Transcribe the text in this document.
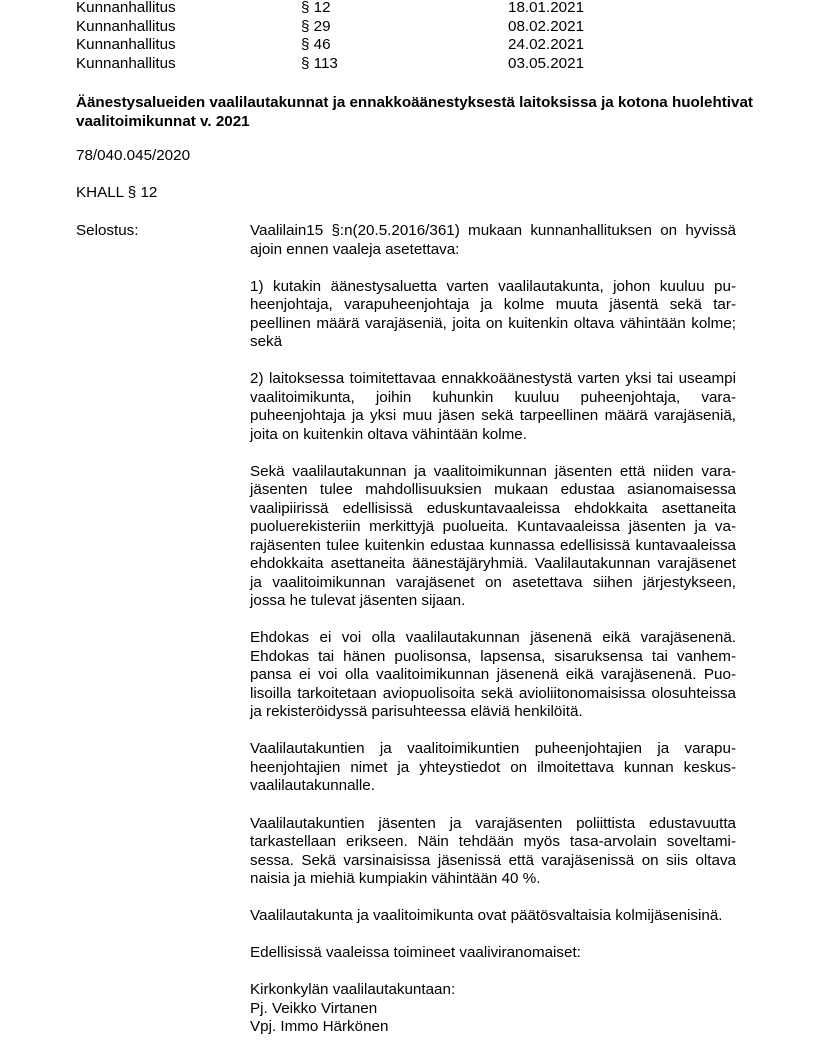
Kunnanhallitus	§ 12	18.01.2021
Kunnanhallitus	§ 29	08.02.2021
Kunnanhallitus	§ 46	24.02.2021
Kunnanhallitus	§ 113	03.05.2021
Äänestysalueiden vaalilautakunnat ja ennakkoäänestyksestä laitoksissa ja kotona huolehtivat vaalitoimikunnat v. 2021
78/040.045/2020
KHALL § 12
Selostus:	Vaalilain15 §:n(20.5.2016/361) mukaan kunnanhallituksen on hyvissä ajoin ennen vaaleja asetettava:

1) kutakin äänestysaluetta varten vaalilautakunta, johon kuuluu puheenjohtaja, varapuheenjohtaja ja kolme muuta jäsentä sekä tarpeellinen määrä varajäseniä, joita on kuitenkin oltava vähintään kolme; sekä

2) laitoksessa toimitettavaa ennakkoäänestystä varten yksi tai useampi vaalitoimikunta, joihin kuhunkin kuuluu puheenjohtaja, varapuheenjohtaja ja yksi muu jäsen sekä tarpeellinen määrä varajäseniä, joita on kuitenkin oltava vähintään kolme.

Sekä vaalilautakunnan ja vaalitoimikunnan jäsenten että niiden varajäsenten tulee mahdollisuuksien mukaan edustaa asianomaisessa vaalipiirissä edellisissä eduskuntavaaleissa ehdokkaita asettaneita puoluerekisteriin merkittyjä puolueita. Kuntavaaleissa jäsenten ja varajäsenten tulee kuitenkin edustaa kunnassa edellisissä kuntavaaleissa ehdokkaita asettaneita äänestäjäryhmiä. Vaalilautakunnan varajäsenet ja vaalitoimikunnan varajäsenet on asetettava siihen järjestykseen, jossa he tulevat jäsenten sijaan.

Ehdokas ei voi olla vaalilautakunnan jäsenenä eikä varajäsenenä. Ehdokas tai hänen puolisonsa, lapsensa, sisaruksensa tai vanhempansa ei voi olla vaalitoimikunnan jäsenenä eikä varajäsenenä. Puolisoilla tarkoitetaan aviopuolisoita sekä avioliitonomaisissa olosuhteissa ja rekisteröidyssä parisuhteessa eläviä henkilöitä.

Vaalilautakuntien ja vaalitoimikuntien puheenjohtajien ja varapuheenjohtajien nimet ja yhteystiedot on ilmoitettava kunnan keskusvaalilautakunnalle.

Vaalilautakuntien jäsenten ja varajäsenten poliittista edustavuutta tarkastellaan erikseen. Näin tehdään myös tasa-arvolain soveltamisessa. Sekä varsinaisissa jäsenissä että varajäsenissä on siis oltava naisia ja miehiä kumpiakin vähintään 40 %.

Vaalilautakunta ja vaalitoimikunta ovat päätösvaltaisia kolmijäsenisinä.

Edellisissä vaaleissa toimineet vaaliviranomaiset:

Kirkonkylän vaalilautakuntaan:

Pj. Veikko Virtanen

Vpj. Immo Härkönen
